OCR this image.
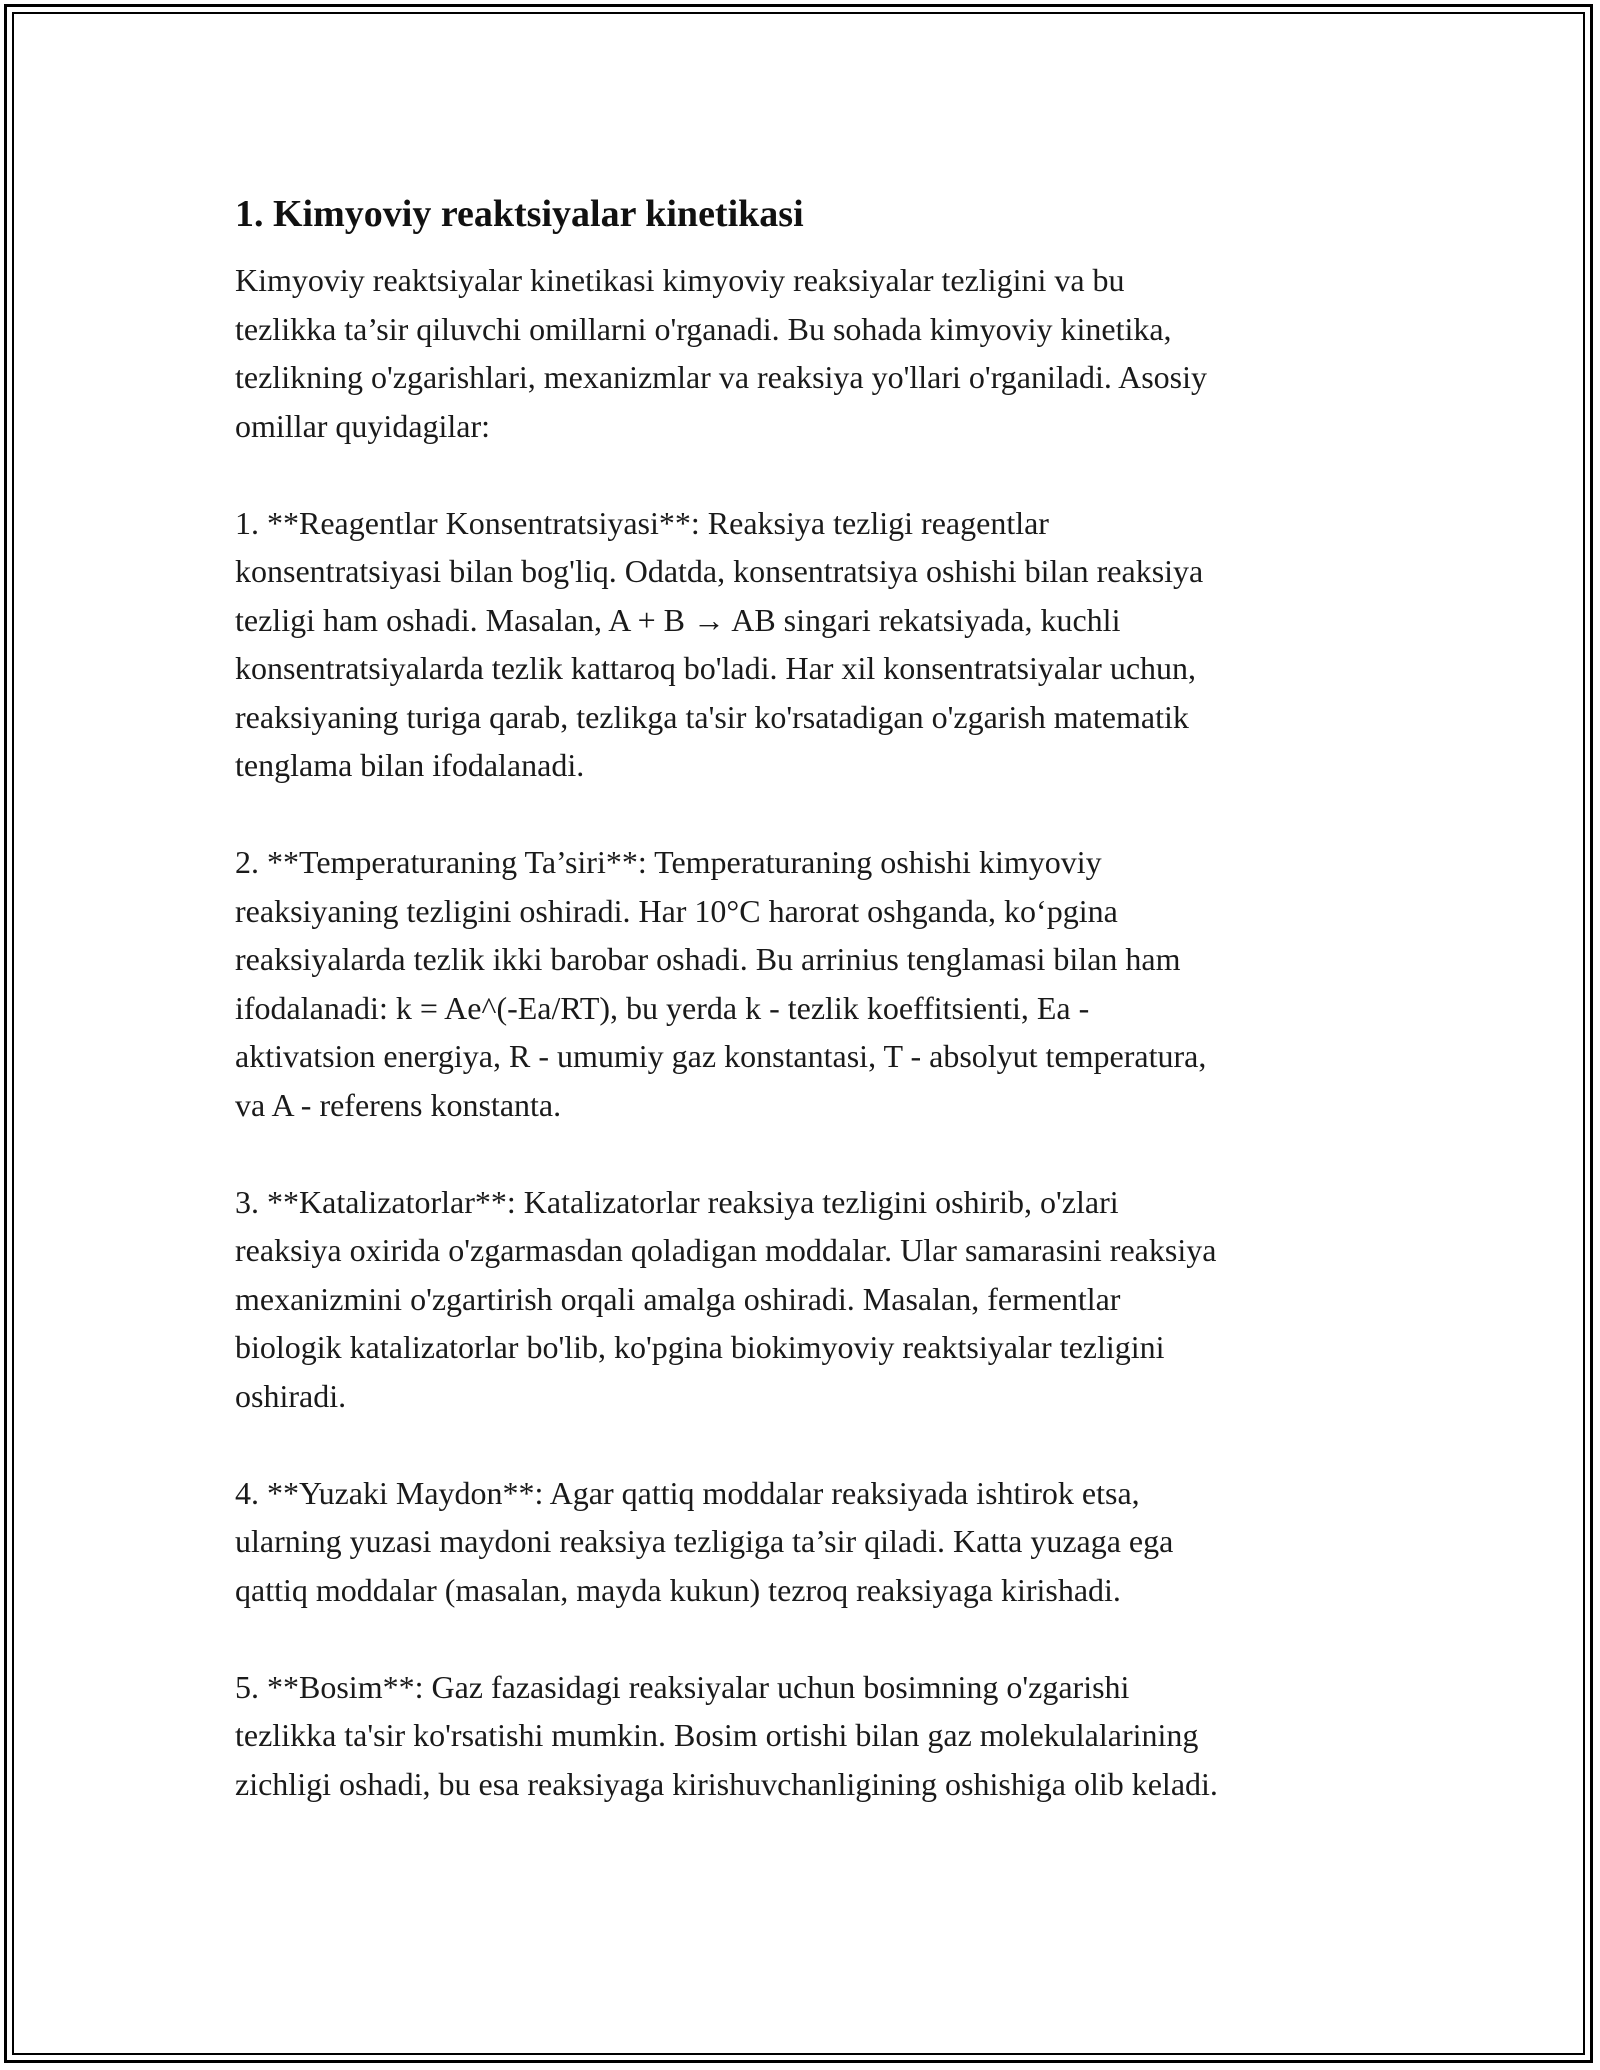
1. Kimyoviy reaktsiyalar kinetikasi

Kimyoviy reaktsiyalar kinetikasi kimyoviy reaksiyalar tezligini va bu
tezlikka ta’sir qiluvchi omillarni o'rganadi. Bu sohada kimyoviy kinetika,
tezlikning o'zgarishlari, mexanizmlar va reaksiya yo'llari o'rganiladi. Asosiy
omillar quyidagilar:

1. **Reagentlar Konsentratsiyasi**: Reaksiya tezligi reagentlar
konsentratsiyasi bilan bog'liq. Odatda, konsentratsiya oshishi bilan reaksiya
tezligi ham oshadi. Masalan, A + B → AB singari rekatsiyada, kuchli
konsentratsiyalarda tezlik kattaroq bo'ladi. Har xil konsentratsiyalar uchun,
reaksiyaning turiga qarab, tezlikga ta'sir ko'rsatadigan o'zgarish matematik
tenglama bilan ifodalanadi.

2. **Temperaturaning Ta’siri**: Temperaturaning oshishi kimyoviy
reaksiyaning tezligini oshiradi. Har 10°C harorat oshganda, ko‘pgina
reaksiyalarda tezlik ikki barobar oshadi. Bu arrinius tenglamasi bilan ham
ifodalanadi: k = Ae^(-Ea/RT), bu yerda k - tezlik koeffitsienti, Ea -
aktivatsion energiya, R - umumiy gaz konstantasi, T - absolyut temperatura,
va A - referens konstanta.

3. **Katalizatorlar**: Katalizatorlar reaksiya tezligini oshirib, o'zlari
reaksiya oxirida o'zgarmasdan qoladigan moddalar. Ular samarasini reaksiya
mexanizmini o'zgartirish orqali amalga oshiradi. Masalan, fermentlar
biologik katalizatorlar bo'lib, ko'pgina biokimyoviy reaktsiyalar tezligini
oshiradi.

4. **Yuzaki Maydon**: Agar qattiq moddalar reaksiyada ishtirok etsa,
ularning yuzasi maydoni reaksiya tezligiga ta’sir qiladi. Katta yuzaga ega
qattiq moddalar (masalan, mayda kukun) tezroq reaksiyaga kirishadi.

5. **Bosim**: Gaz fazasidagi reaksiyalar uchun bosimning o'zgarishi
tezlikka ta'sir ko'rsatishi mumkin. Bosim ortishi bilan gaz molekulalarining
zichligi oshadi, bu esa reaksiyaga kirishuvchanligining oshishiga olib keladi.
